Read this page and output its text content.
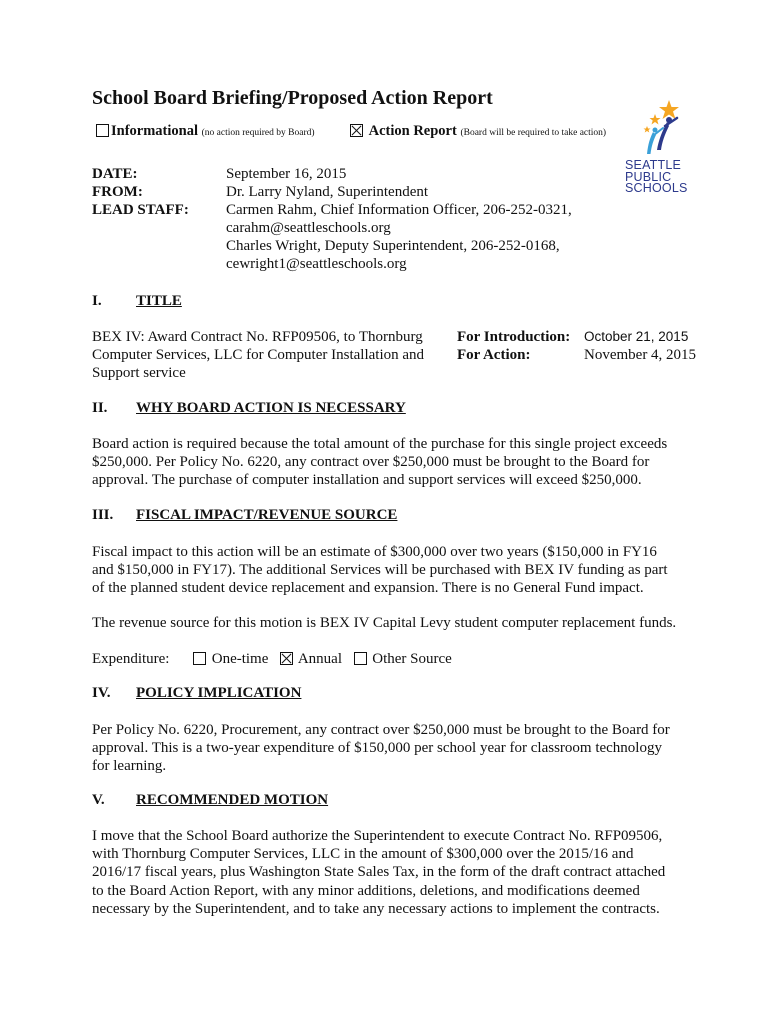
School Board Briefing/Proposed Action Report
Informational (no action required by Board)	Action Report (Board will be required to take action)
SEATTLE
PUBLIC
SCHOOLS
DATE:
FROM:
LEAD STAFF:
September 16, 2015
Dr. Larry Nyland, Superintendent
Carmen Rahm, Chief Information Officer, 206-252-0321,
carahm@seattleschools.org
Charles Wright, Deputy Superintendent, 206-252-0168,
cewright1@seattleschools.org
I. TITLE
BEX IV: Award Contract No. RFP09506, to Thornburg
Computer Services, LLC for Computer Installation and
Support service
For Introduction:
For Action:
October 21, 2015
November 4, 2015
II. WHY BOARD ACTION IS NECESSARY
Board action is required because the total amount of the purchase for this single project exceeds
$250,000. Per Policy No. 6220, any contract over $250,000 must be brought to the Board for
approval. The purchase of computer installation and support services will exceed $250,000.
III. FISCAL IMPACT/REVENUE SOURCE
Fiscal impact to this action will be an estimate of $300,000 over two years ($150,000 in FY16
and $150,000 in FY17). The additional Services will be purchased with BEX IV funding as part
of the planned student device replacement and expansion. There is no General Fund impact.
The revenue source for this motion is BEX IV Capital Levy student computer replacement funds.
Expenditure:	One-time Annual Other Source
IV. POLICY IMPLICATION
Per Policy No. 6220, Procurement, any contract over $250,000 must be brought to the Board for
approval. This is a two-year expenditure of $150,000 per school year for classroom technology
for learning.
V. RECOMMENDED MOTION
I move that the School Board authorize the Superintendent to execute Contract No. RFP09506,
with Thornburg Computer Services, LLC in the amount of $300,000 over the 2015/16 and
2016/17 fiscal years, plus Washington State Sales Tax, in the form of the draft contract attached
to the Board Action Report, with any minor additions, deletions, and modifications deemed
necessary by the Superintendent, and to take any necessary actions to implement the contracts.
